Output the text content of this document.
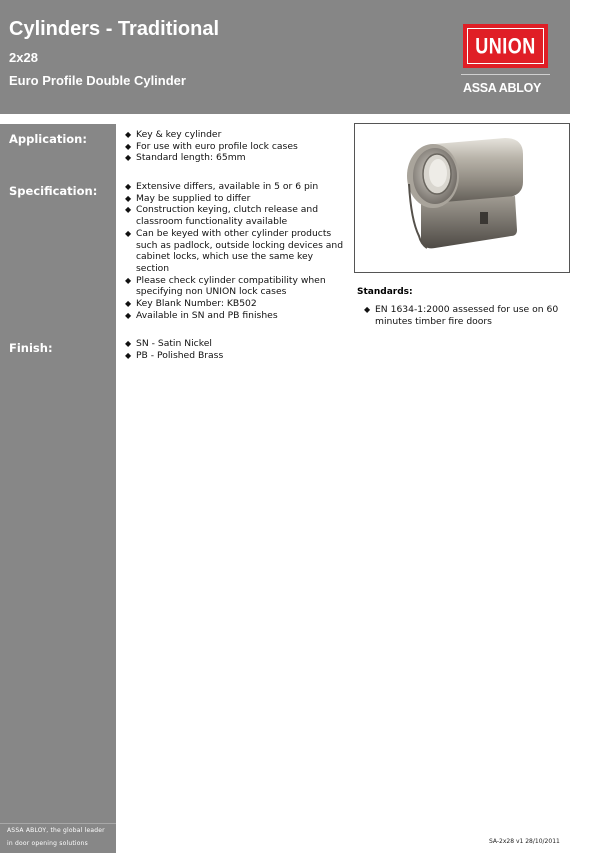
Cylinders - Traditional
2x28
Euro Profile Double Cylinder
UNION
ASSA ABLOY
Application:
Specification:
Finish:
ASSA ABLOY, the global leader
in door opening solutions
◆ Key & key cylinder
◆ For use with euro profile lock cases
◆ Standard length: 65mm
◆ Extensive differs, available in 5 or 6 pin
◆ May be supplied to differ
◆ Construction keying, clutch release and classroom functionality available
◆ Can be keyed with other cylinder products such as padlock, outside locking devices and cabinet locks, which use the same key section
◆ Please check cylinder compatibility when specifying non UNION lock cases
◆ Key Blank Number: KB502
◆ Available in SN and PB finishes
◆ SN - Satin Nickel
◆ PB - Polished Brass
Standards:
◆ EN 1634-1:2000 assessed for use on 60 minutes timber fire doors
SA-2x28 v1 28/10/2011
